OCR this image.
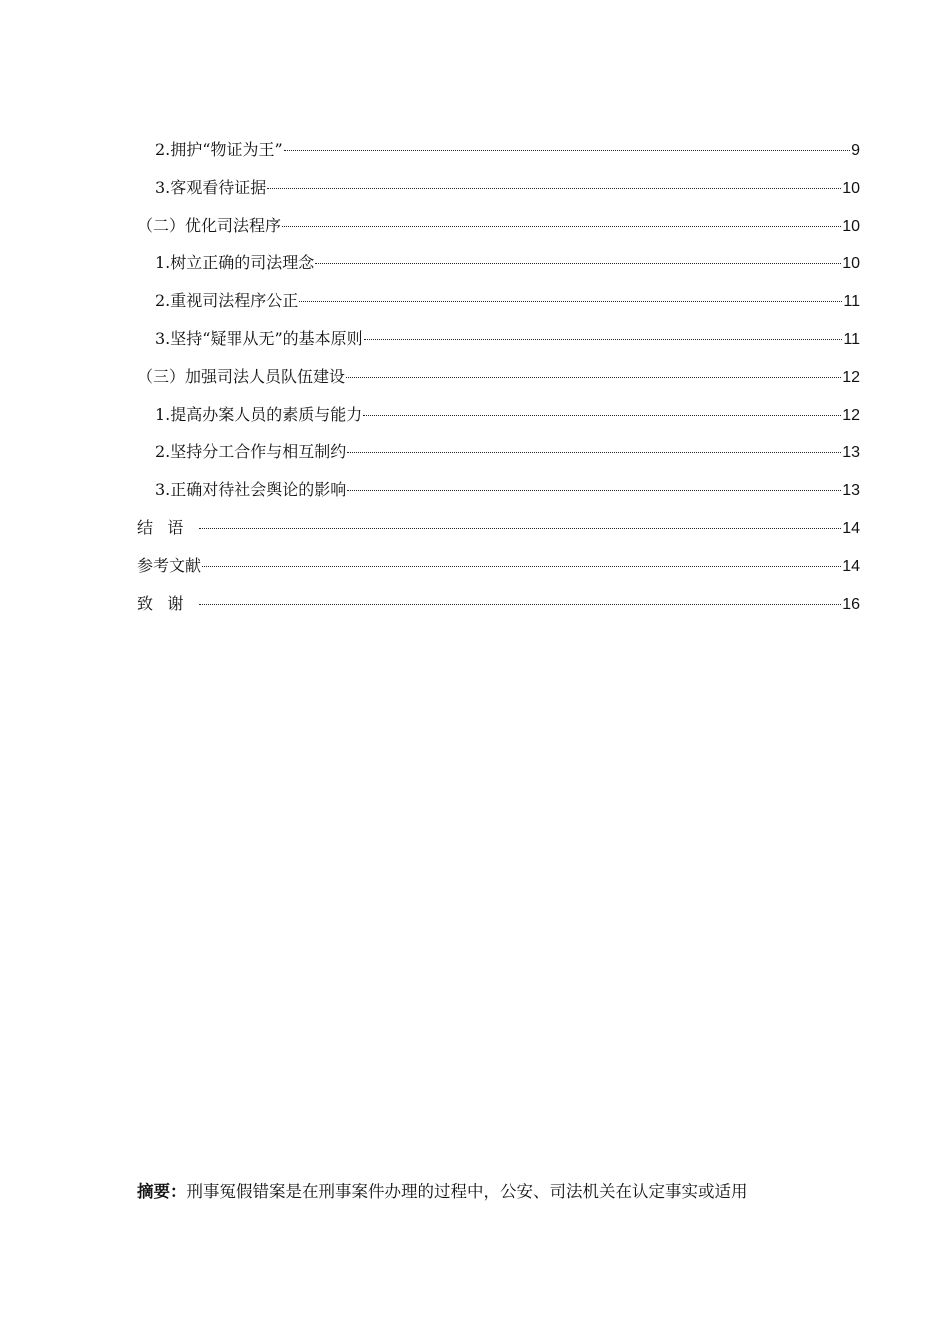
2.拥护“物证为王”	9
3.客观看待证据	10
（二）优化司法程序	10
1.树立正确的司法理念	10
2.重视司法程序公正	11
3.坚持“疑罪从无”的基本原则	11
（三）加强司法人员队伍建设	12
1.提高办案人员的素质与能力	12
2.坚持分工合作与相互制约	13
3.正确对待社会舆论的影响	13
结语	14
参考文献	14
致谢	16
摘要：刑事冤假错案是在刑事案件办理的过程中，公安、司法机关在认定事实或适用
